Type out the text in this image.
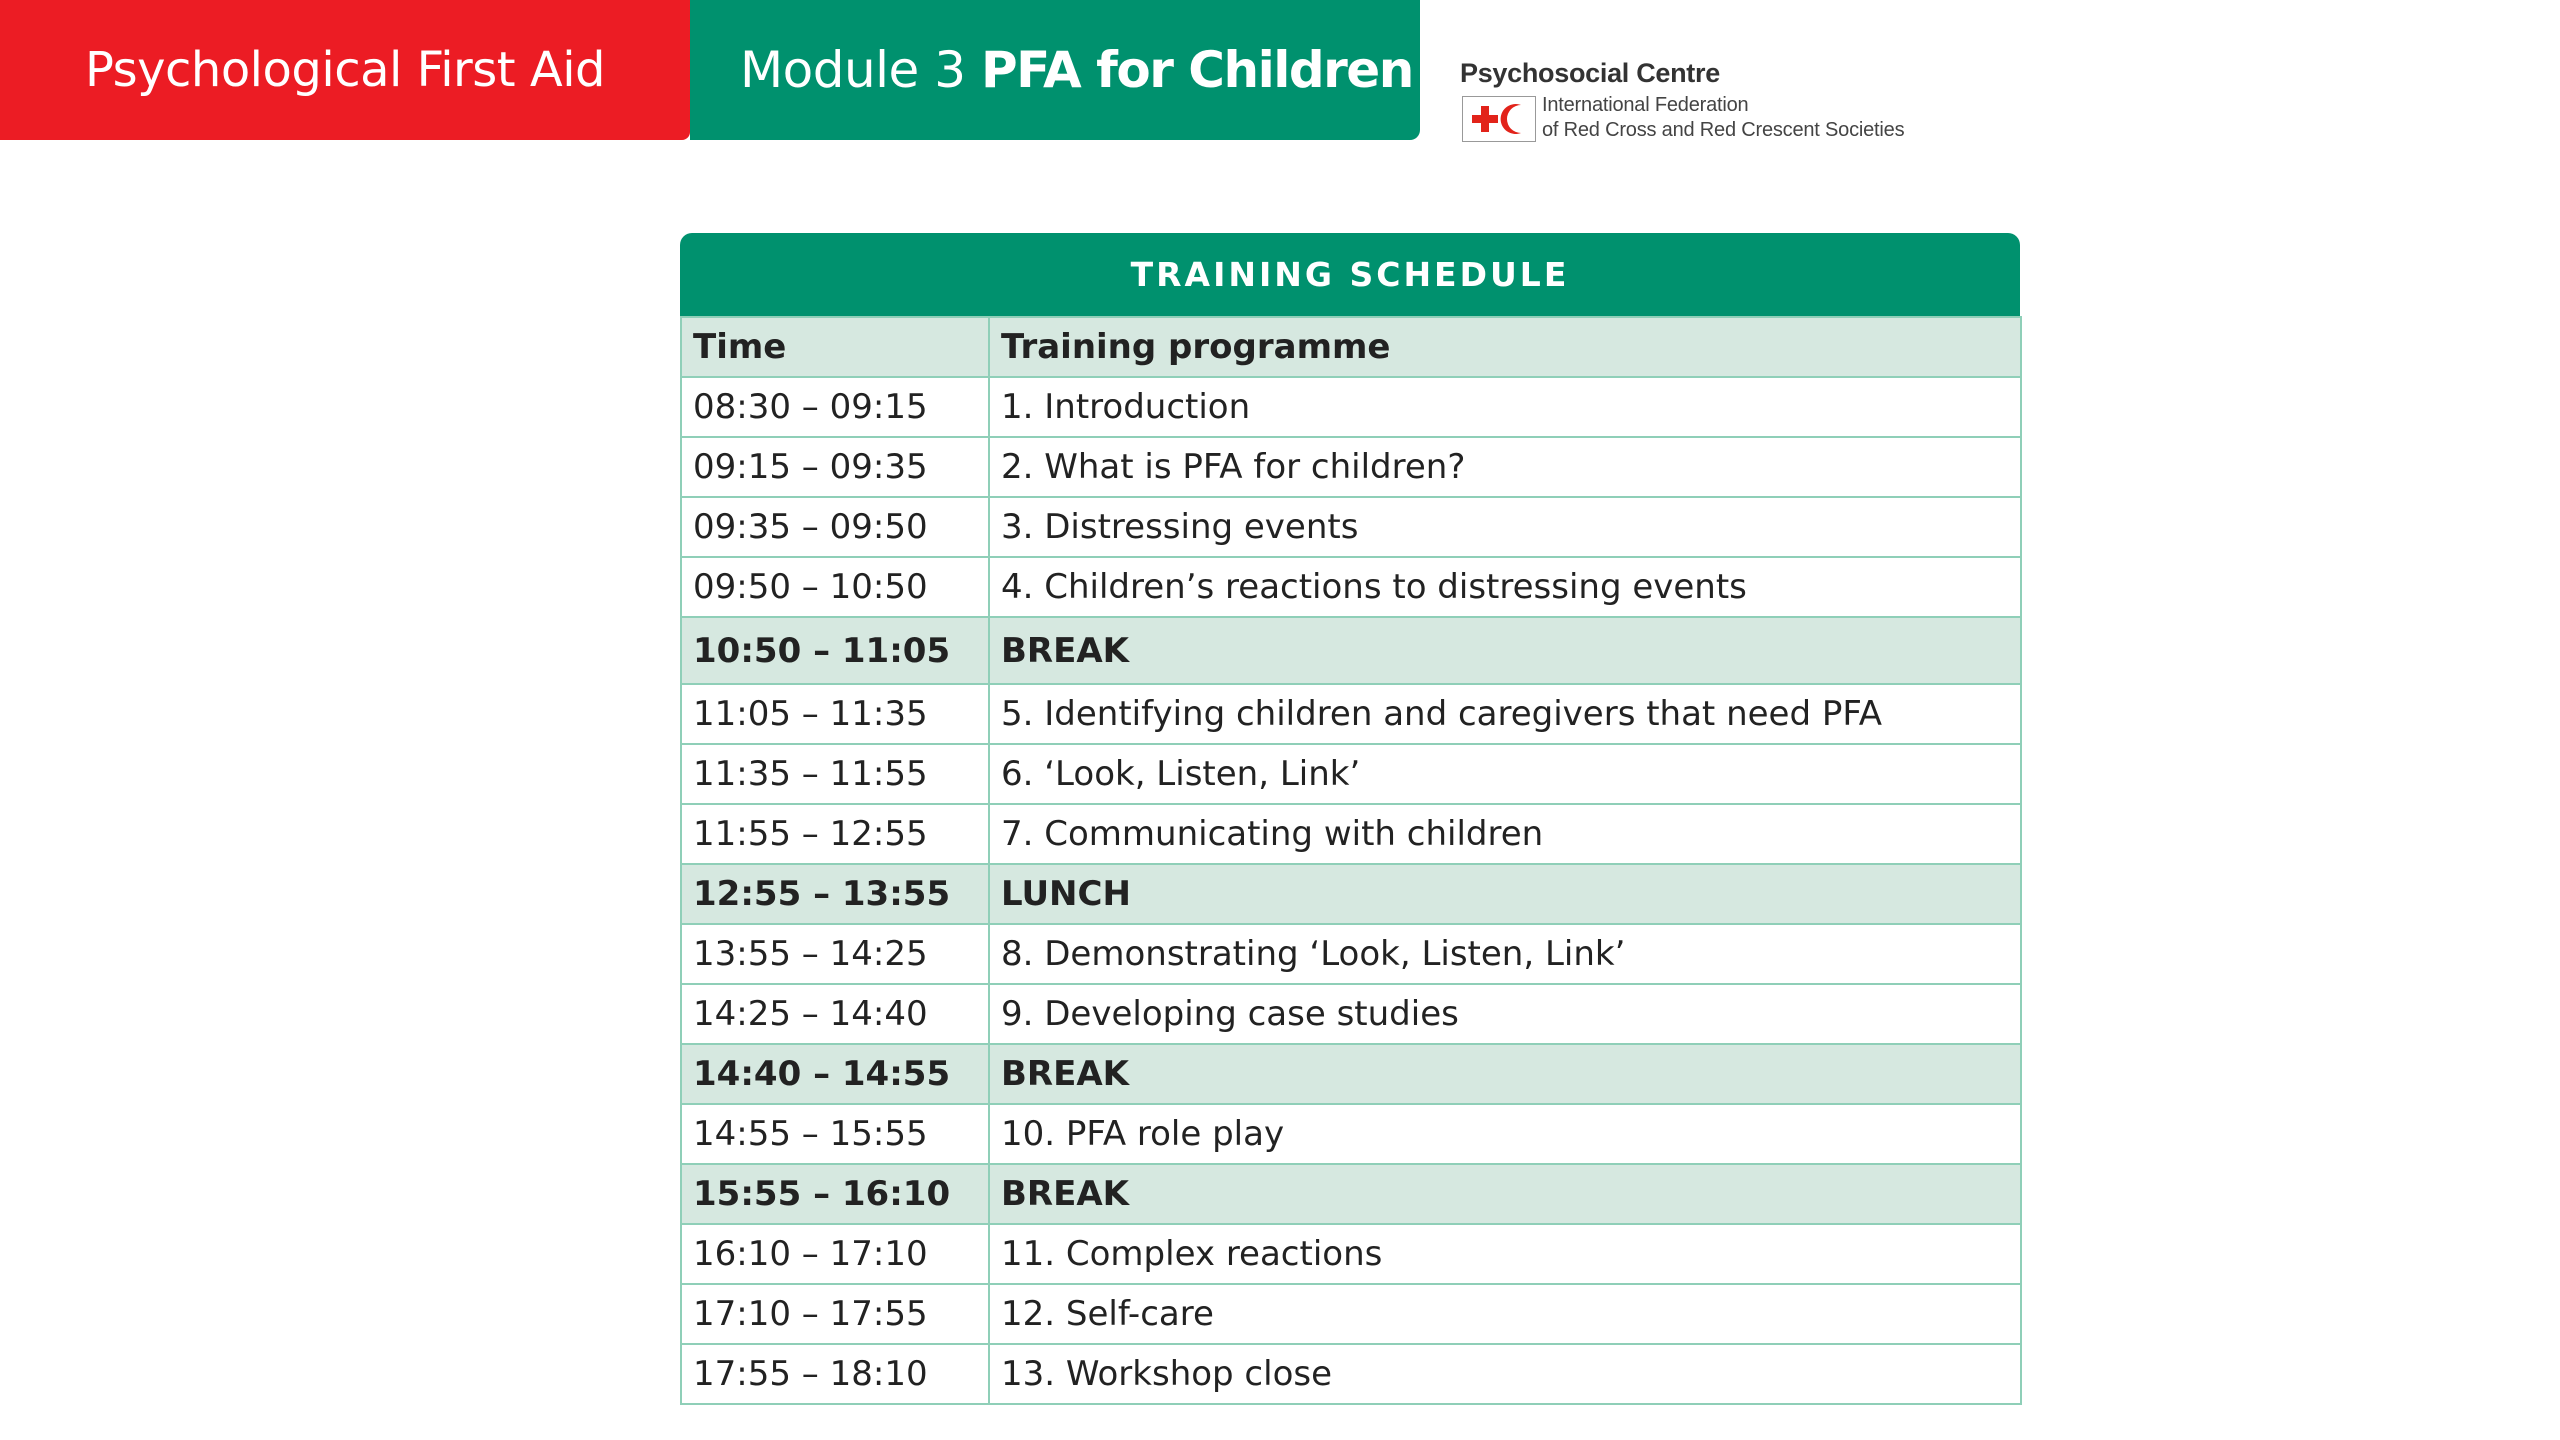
Psychological First Aid	Module 3 PFA for Children Psychosocial Centre
International Federation
of Red Cross and Red Crescent Societies
TRAINING SCHEDULE
Time	Training programme
08:30 – 09:15	1. Introduction
09:15 – 09:35	2. What is PFA for children?
09:35 – 09:50	3. Distressing events
09:50 – 10:50	4. Children’s reactions to distressing events
10:50 – 11:05	BREAK
11:05 – 11:35	5. Identifying children and caregivers that need PFA
11:35 – 11:55	6. ‘Look, Listen, Link’
11:55 – 12:55	7. Communicating with children
12:55 – 13:55	LUNCH
13:55 – 14:25	8. Demonstrating ‘Look, Listen, Link’
14:25 – 14:40	9. Developing case studies
14:40 – 14:55	BREAK
14:55 – 15:55	10. PFA role play
15:55 – 16:10	BREAK
16:10 – 17:10	11. Complex reactions
17:10 – 17:55	12. Self-care
17:55 – 18:10	13. Workshop close
